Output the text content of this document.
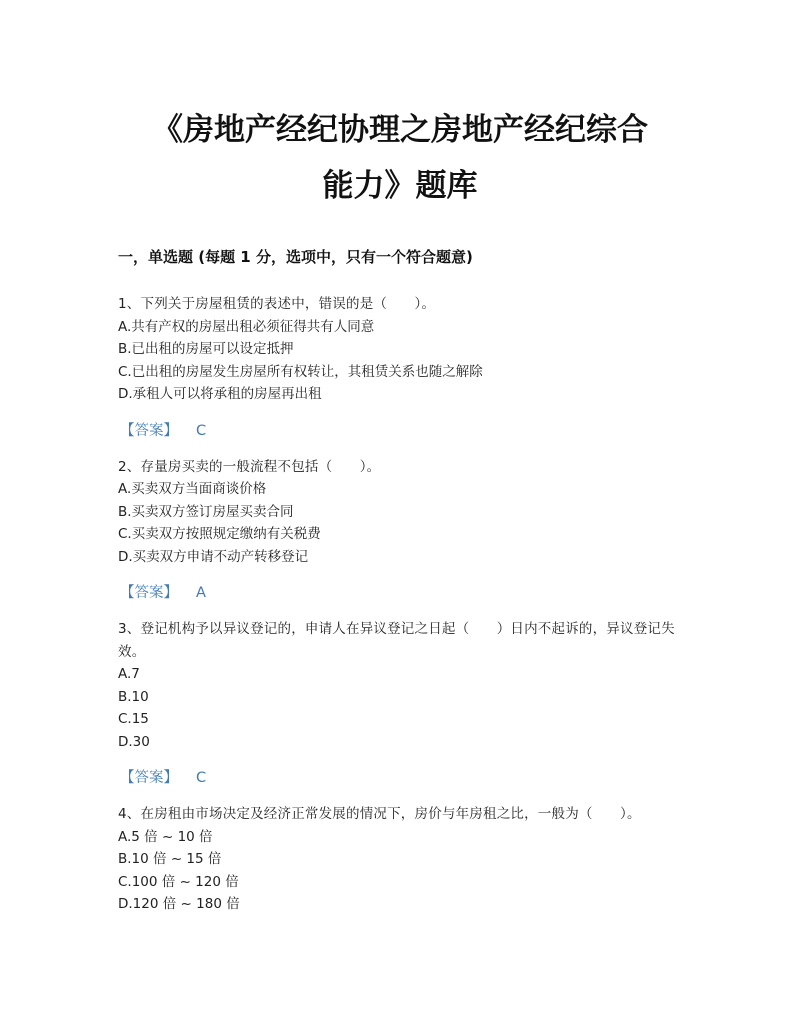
《房地产经纪协理之房地产经纪综合
能力》题库
一，单选题 (每题 1 分，选项中，只有一个符合题意)

1、下列关于房屋租赁的表述中，错误的是（　　）。

A.共有产权的房屋出租必须征得共有人同意

B.已出租的房屋可以设定抵押

C.已出租的房屋发生房屋所有权转让，其租赁关系也随之解除

D.承租人可以将承租的房屋再出租

【答案】 C

2、存量房买卖的一般流程不包括（　　）。

A.买卖双方当面商谈价格

B.买卖双方签订房屋买卖合同

C.买卖双方按照规定缴纳有关税费

D.买卖双方申请不动产转移登记

【答案】 A

3、登记机构予以异议登记的，申请人在异议登记之日起（　　）日内不起诉的，异议登记失效。

A.7

B.10

C.15

D.30

【答案】 C

4、在房租由市场决定及经济正常发展的情况下，房价与年房租之比，一般为（　　）。

A.5 倍 ~ 10 倍

B.10 倍 ~ 15 倍

C.100 倍 ~ 120 倍

D.120 倍 ~ 180 倍
